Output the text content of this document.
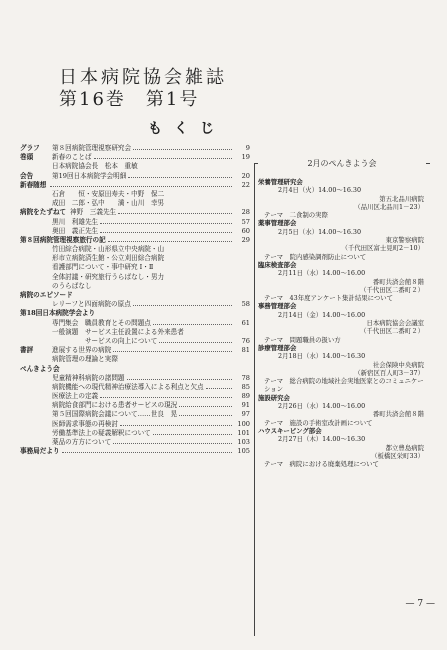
日本病院協会雑誌
第16巻　第1号
もくじ
グラフ	第８回病院管理視察研究会	9
巻頭	新春のことば	19
日本病院協会長　松本　重敏
会告	第19回日本病院学会明細	20
新春随想	22
石倉　　恒・安原田寿夫・中野　保二
成田　二郎・弘中　　満・山川　幸男
病院をたずねて 神野　三義先生	28
黒川　利雄先生	57
奥田　義正先生	60
第８回病院管理視察旅行の記	29
竹田綜合病院・山形県立中央病院・山
形市立病院済生館・公立刈田綜合病院
看護部門について・事中研究 Ⅰ・Ⅱ
全体討議・研究旅行うらばなし・男力
のうらばなし
病院のエピソード
レリーフと四面病院の原点	58
第18回日本病院学会より
専門集会　職員教育とその問題点	61
一般演題　サービス主任設置による外来患者
　　　　　サービスの向上について	76
書評	進展する世界の病院	81
病院管理の理論と実際
ぺんきよう会
児童精神科病院の諸問題	78
病院機能への現代精神治療法導入による利点と欠点	85
医療法上の定義	89
病院給食部門における患者サービスの現況	91
第５回国際病院会議について……世良　晃	97
医師需求事態の再検討	100
労働基準法上の疑義解釈について	101
薬品の方方について	103
事務局だより	105
2月のぺんきよう会
栄養管理研究会
2月4日（火）14.00～16.30
第五北品川病院
（品川区北品川1－23）
テーマ　二食制の実際
薬事管理部会
2月5日（水）14.00～16.30
東京警察病院
（千代田区富士見町2－10）
テーマ　院内感染調剤防止について
臨床検査部会
2月11日（水）14.00～16.00
番町共済会館８階
（千代田区二番町２）
テーマ　43年度アンケート集計結果について
事務管理部会
2月14日（金）14.00～16.00
日本病院協会会議室
（千代田区二番町２）
テーマ　問題職員の扱い方
診療管理部会
2月18日（水）14.00～16.30
社会保険中央病院
（新宿区百人町3－37）
テーマ　総合病院の地域社会実地医家とのコミュニケーション
施設研究会
2月26日（水）14.00～16.00
番町共済会館８階
テーマ　施設の手術室改計画について
ハウスキーピング部会
2月27日（木）14.00～16.30
都立豊島病院
（板橋区栄町33）
テーマ　病院における廃棄処理について
— 7 —
